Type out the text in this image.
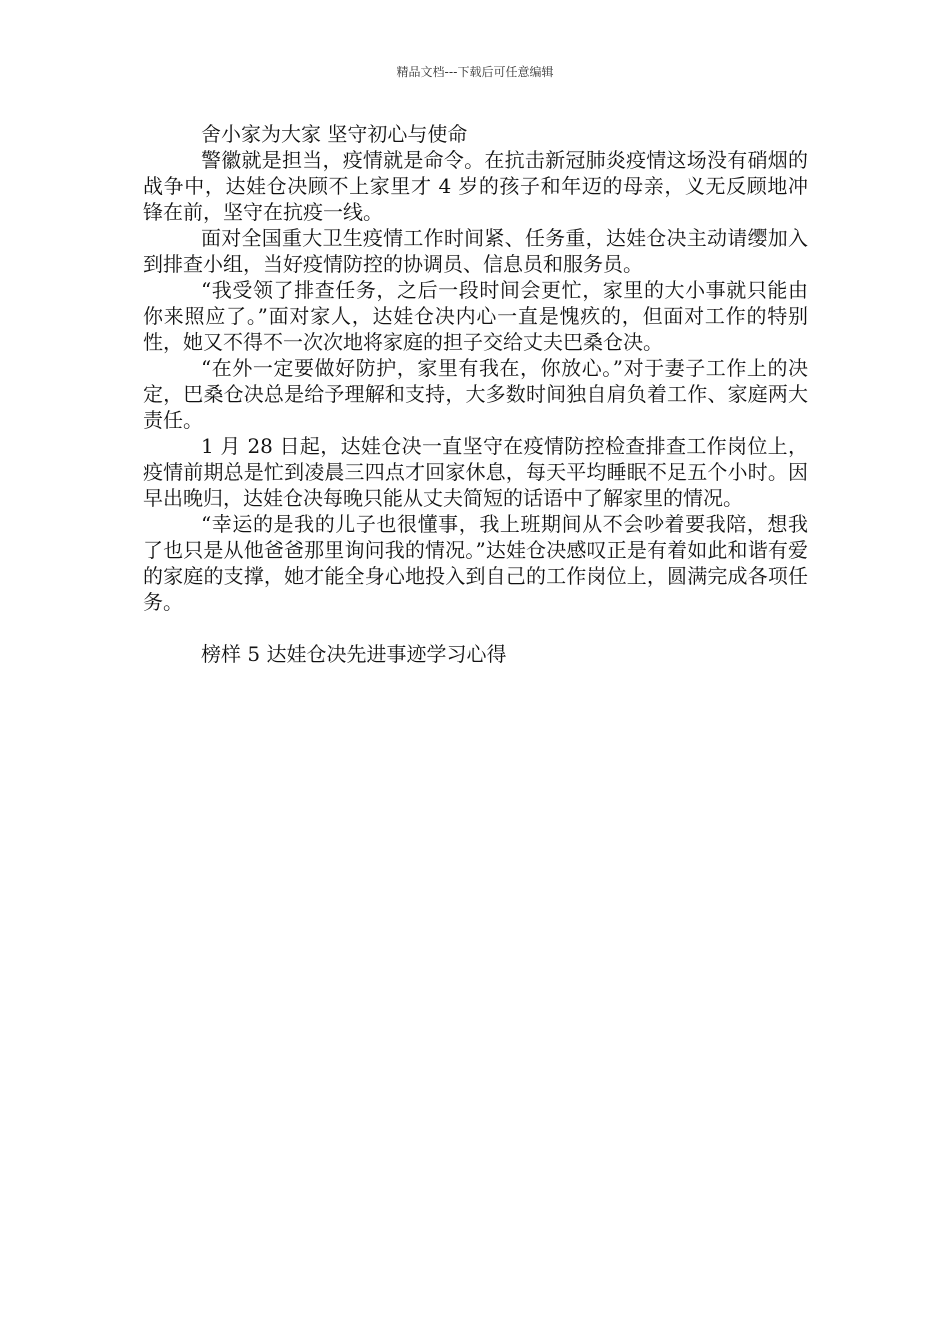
精品文档---下载后可任意编辑

舍小家为大家 坚守初心与使命

警徽就是担当，疫情就是命令。在抗击新冠肺炎疫情这场没有硝烟的战争中，达娃仓决顾不上家里才 4 岁的孩子和年迈的母亲，义无反顾地冲锋在前，坚守在抗疫一线。

面对全国重大卫生疫情工作时间紧、任务重，达娃仓决主动请缨加入到排查小组，当好疫情防控的协调员、信息员和服务员。

“我受领了排查任务，之后一段时间会更忙，家里的大小事就只能由你来照应了。”面对家人，达娃仓决内心一直是愧疚的，但面对工作的特别性，她又不得不一次次地将家庭的担子交给丈夫巴桑仓决。

“在外一定要做好防护，家里有我在，你放心。”对于妻子工作上的决定，巴桑仓决总是给予理解和支持，大多数时间独自肩负着工作、家庭两大责任。

1 月 28 日起，达娃仓决一直坚守在疫情防控检查排查工作岗位上，疫情前期总是忙到凌晨三四点才回家休息，每天平均睡眠不足五个小时。因早出晚归，达娃仓决每晚只能从丈夫简短的话语中了解家里的情况。

“幸运的是我的儿子也很懂事，我上班期间从不会吵着要我陪，想我了也只是从他爸爸那里询问我的情况。”达娃仓决感叹正是有着如此和谐有爱的家庭的支撑，她才能全身心地投入到自己的工作岗位上，圆满完成各项任务。

榜样 5 达娃仓决先进事迹学习心得
